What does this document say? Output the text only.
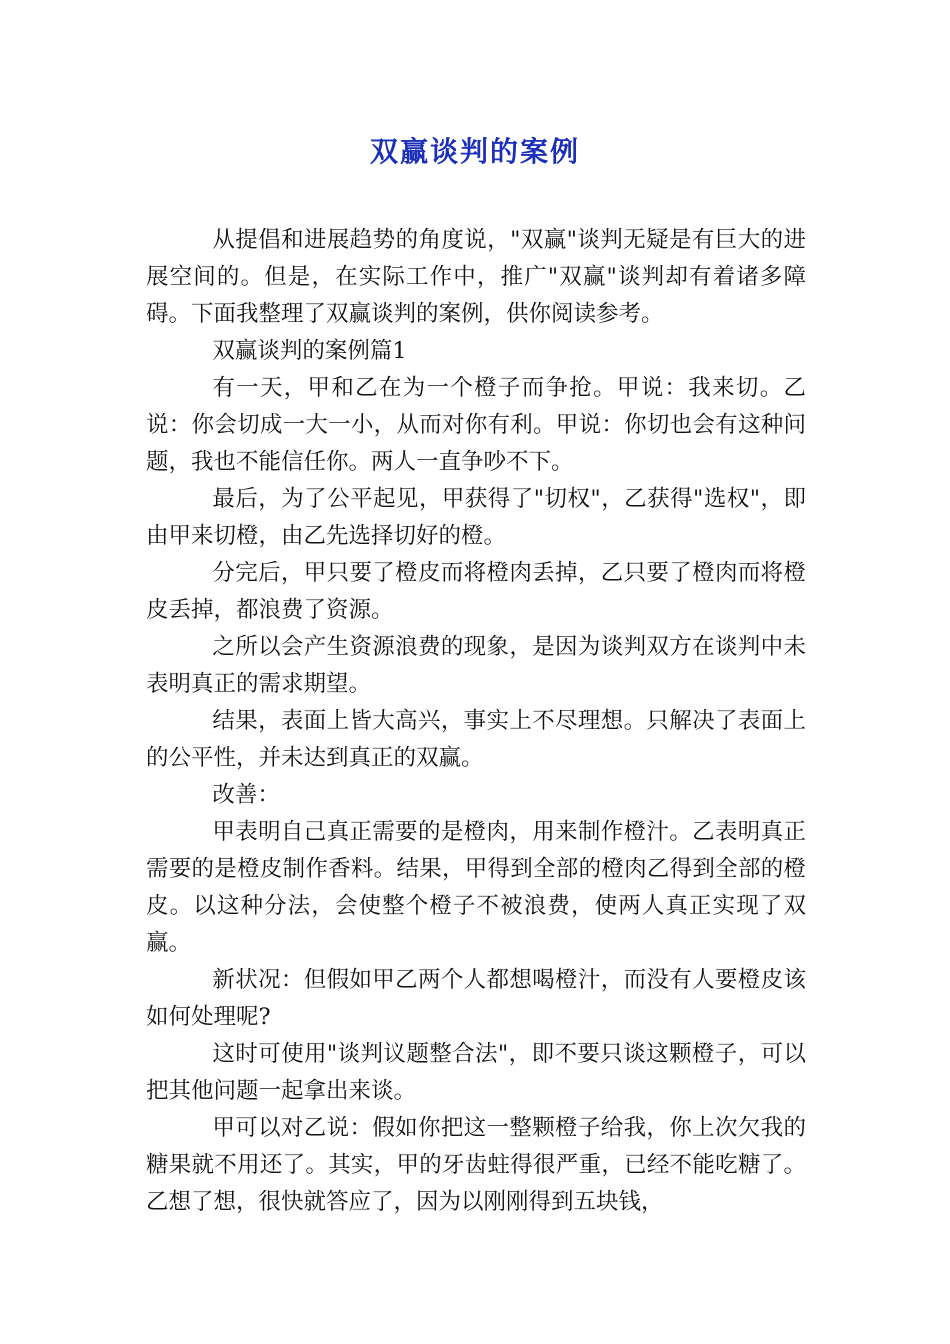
双赢谈判的案例

从提倡和进展趋势的角度说，"双赢"谈判无疑是有巨大的进展空间的。但是，在实际工作中，推广"双赢"谈判却有着诸多障碍。下面我整理了双赢谈判的案例，供你阅读参考。

双赢谈判的案例篇1

有一天，甲和乙在为一个橙子而争抢。甲说：我来切。乙说：你会切成一大一小，从而对你有利。甲说：你切也会有这种问题，我也不能信任你。两人一直争吵不下。

最后，为了公平起见，甲获得了"切权"，乙获得"选权"，即由甲来切橙，由乙先选择切好的橙。

分完后，甲只要了橙皮而将橙肉丢掉，乙只要了橙肉而将橙皮丢掉，都浪费了资源。

之所以会产生资源浪费的现象，是因为谈判双方在谈判中未表明真正的需求期望。

结果，表面上皆大高兴，事实上不尽理想。只解决了表面上的公平性，并未达到真正的双赢。

改善：

甲表明自己真正需要的是橙肉，用来制作橙汁。乙表明真正需要的是橙皮制作香料。结果，甲得到全部的橙肉乙得到全部的橙皮。以这种分法，会使整个橙子不被浪费，使两人真正实现了双赢。

新状况：但假如甲乙两个人都想喝橙汁，而没有人要橙皮该如何处理呢?

这时可使用"谈判议题整合法"，即不要只谈这颗橙子，可以把其他问题一起拿出来谈。

甲可以对乙说：假如你把这一整颗橙子给我，你上次欠我的糖果就不用还了。其实，甲的牙齿蛀得很严重，已经不能吃糖了。乙想了想，很快就答应了，因为以刚刚得到五块钱，
